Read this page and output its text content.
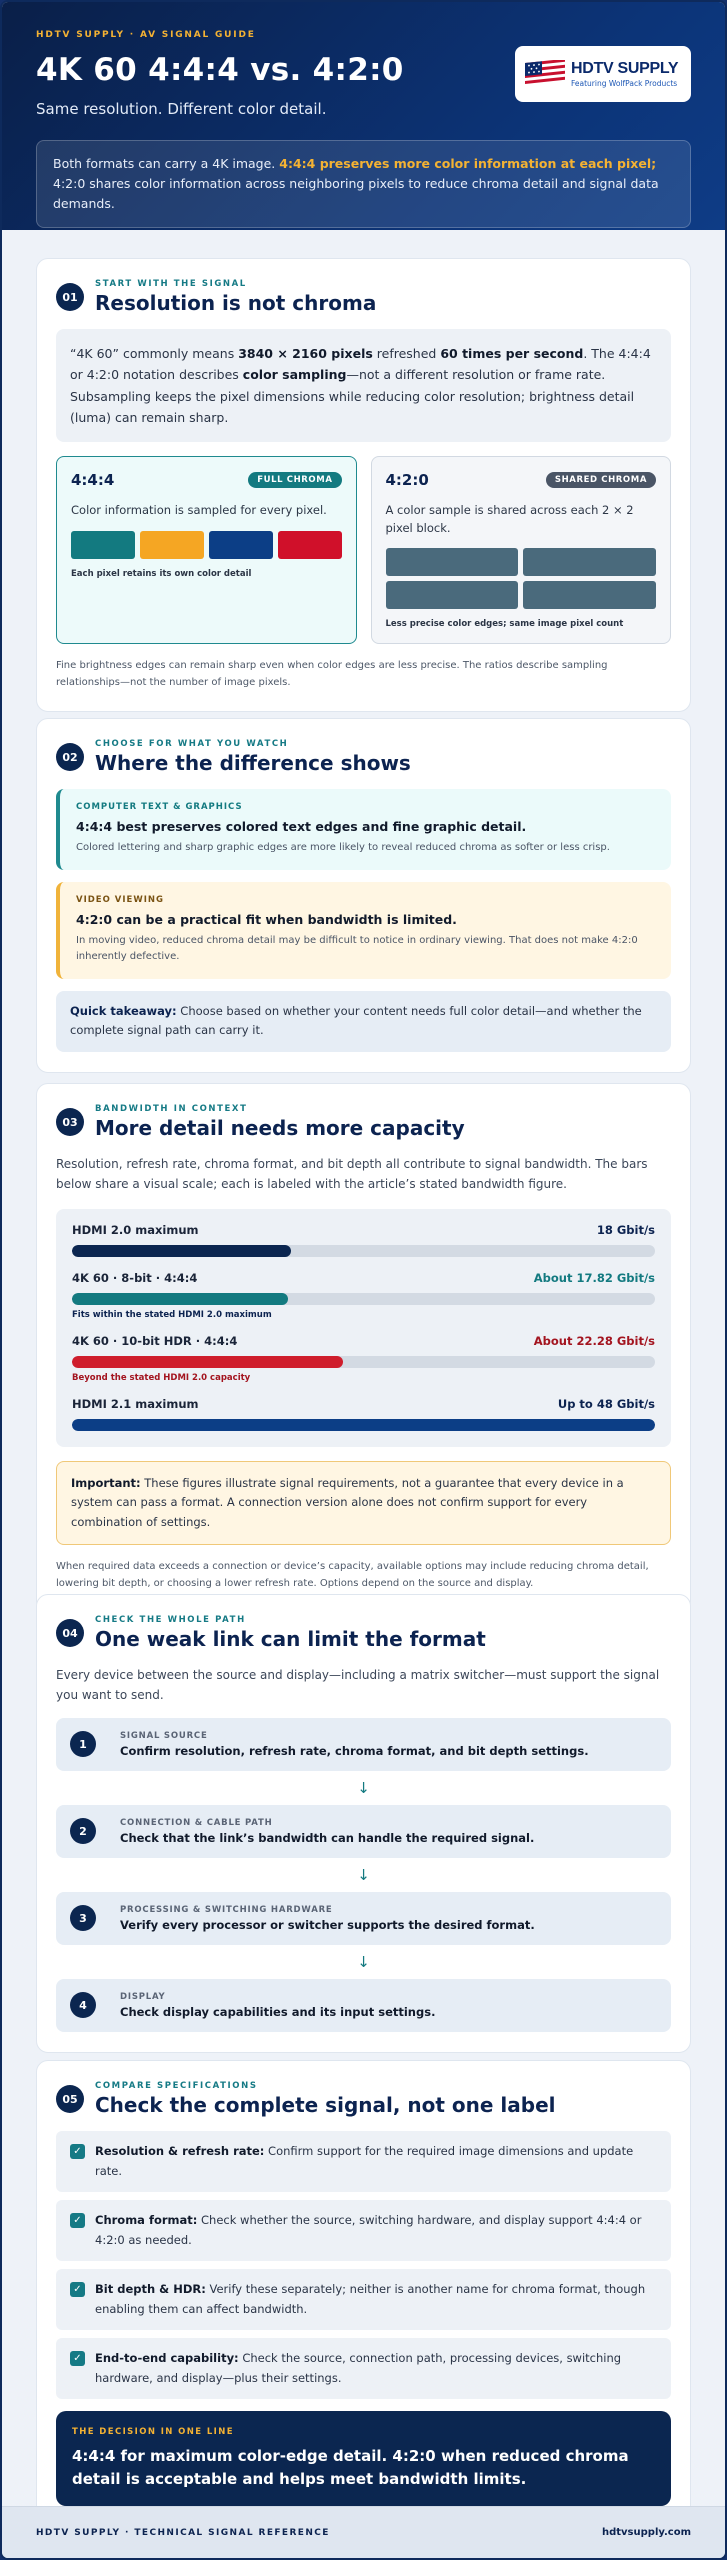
HDTV SUPPLY · AV SIGNAL GUIDE
4K 60 4:4:4 vs. 4:2:0
Same resolution. Different color detail.
HDTV SUPPLY
Featuring WolfPack Products
Both formats can carry a 4K image. 4:4:4 preserves more color information at each pixel; 4:2:0 shares color information across neighboring pixels to reduce chroma detail and signal data demands.
01
START WITH THE SIGNAL
Resolution is not chroma
“4K 60” commonly means 3840 × 2160 pixels refreshed 60 times per second. The 4:4:4 or 4:2:0 notation describes color sampling—not a different resolution or frame rate. Subsampling keeps the pixel dimensions while reducing color resolution; brightness detail (luma) can remain sharp.
4:4:4	FULL CHROMA
Color information is sampled for every pixel.
Each pixel retains its own color detail
4:2:0	SHARED CHROMA
A color sample is shared across each 2 × 2 pixel block.
Less precise color edges; same image pixel count
Fine brightness edges can remain sharp even when color edges are less precise. The ratios describe sampling relationships—not the number of image pixels.
02
CHOOSE FOR WHAT YOU WATCH
Where the difference shows
COMPUTER TEXT & GRAPHICS
4:4:4 best preserves colored text edges and fine graphic detail.
Colored lettering and sharp graphic edges are more likely to reveal reduced chroma as softer or less crisp.
VIDEO VIEWING
4:2:0 can be a practical fit when bandwidth is limited.
In moving video, reduced chroma detail may be difficult to notice in ordinary viewing. That does not make 4:2:0 inherently defective.
Quick takeaway: Choose based on whether your content needs full color detail—and whether the complete signal path can carry it.
03
BANDWIDTH IN CONTEXT
More detail needs more capacity
Resolution, refresh rate, chroma format, and bit depth all contribute to signal bandwidth. The bars below share a visual scale; each is labeled with the article’s stated bandwidth figure.
HDMI 2.0 maximum	18 Gbit/s
4K 60 · 8-bit · 4:4:4	About 17.82 Gbit/s
Fits within the stated HDMI 2.0 maximum
4K 60 · 10-bit HDR · 4:4:4	About 22.28 Gbit/s
Beyond the stated HDMI 2.0 capacity
HDMI 2.1 maximum	Up to 48 Gbit/s
Important: These figures illustrate signal requirements, not a guarantee that every device in a system can pass a format. A connection version alone does not confirm support for every combination of settings.
When required data exceeds a connection or device’s capacity, available options may include reducing chroma detail, lowering bit depth, or choosing a lower refresh rate. Options depend on the source and display.
04
CHECK THE WHOLE PATH
One weak link can limit the format
Every device between the source and display—including a matrix switcher—must support the signal you want to send.
1
SIGNAL SOURCE
Confirm resolution, refresh rate, chroma format, and bit depth settings.
↓
2
CONNECTION & CABLE PATH
Check that the link’s bandwidth can handle the required signal.
↓
3
PROCESSING & SWITCHING HARDWARE
Verify every processor or switcher supports the desired format.
↓
4
DISPLAY
Check display capabilities and its input settings.
05
COMPARE SPECIFICATIONS
Check the complete signal, not one label
✓ Resolution & refresh rate: Confirm support for the required image dimensions and update rate.
✓ Chroma format: Check whether the source, switching hardware, and display support 4:4:4 or 4:2:0 as needed.
✓ Bit depth & HDR: Verify these separately; neither is another name for chroma format, though enabling them can affect bandwidth.
✓ End-to-end capability: Check the source, connection path, processing devices, switching hardware, and display—plus their settings.
THE DECISION IN ONE LINE
4:4:4 for maximum color-edge detail. 4:2:0 when reduced chroma detail is acceptable and helps meet bandwidth limits.
HDTV SUPPLY · TECHNICAL SIGNAL REFERENCE	hdtvsupply.com
